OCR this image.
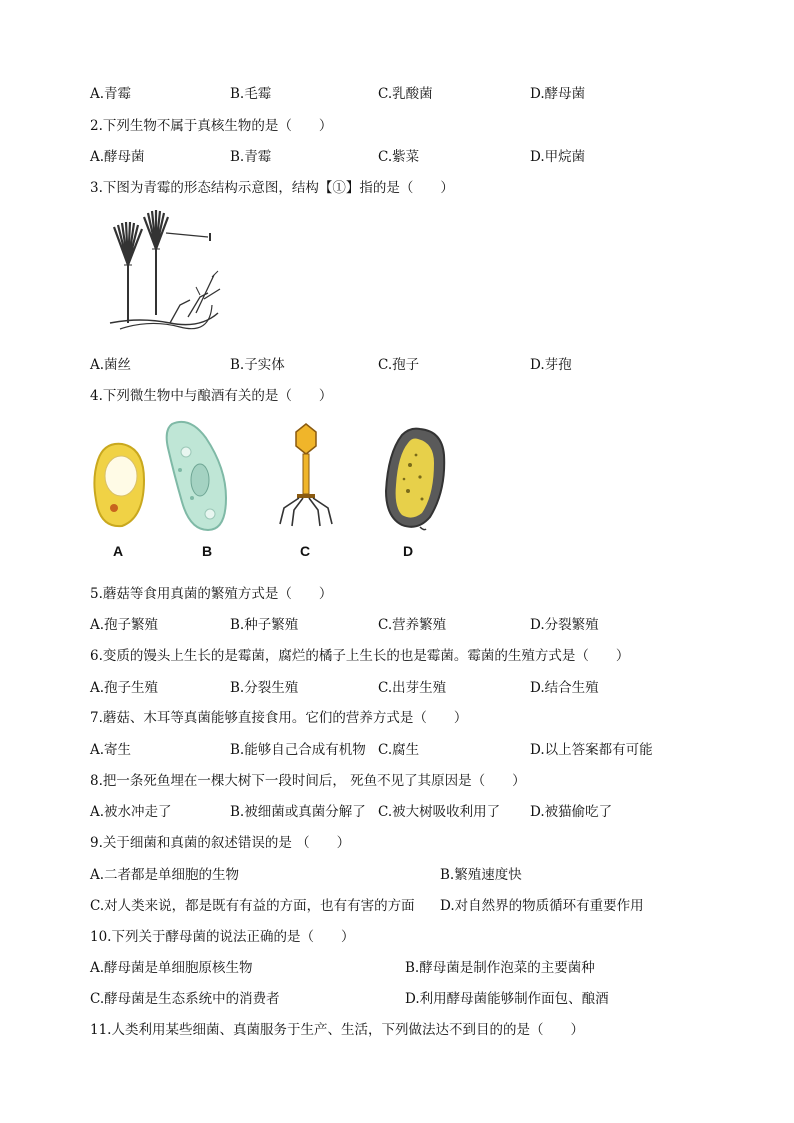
A.青霉	B.毛霉	C.乳酸菌	D.酵母菌
2.下列生物不属于真核生物的是（　　）
A.酵母菌	B.青霉	C.紫菜	D.甲烷菌
3.下图为青霉的形态结构示意图，结构【①】指的是（　　）
A.菌丝	B.子实体	C.孢子	D.芽孢
4.下列微生物中与酿酒有关的是（　　）
A	B	C	D
5.蘑菇等食用真菌的繁殖方式是（　　）
A.孢子繁殖	B.种子繁殖	C.营养繁殖	D.分裂繁殖
6.变质的馒头上生长的是霉菌，腐烂的橘子上生长的也是霉菌。霉菌的生殖方式是（　　）
A.孢子生殖	B.分裂生殖	C.出芽生殖	D.结合生殖
7.蘑菇、木耳等真菌能够直接食用。它们的营养方式是（　　）
A.寄生	B.能够自己合成有机物 C.腐生	D.以上答案都有可能
8.把一条死鱼埋在一棵大树下一段时间后， 死鱼不见了其原因是（　　）
A.被水冲走了	B.被细菌或真菌分解了 C.被大树吸收利用了 D.被猫偷吃了
9.关于细菌和真菌的叙述错误的是 （　　）
A.二者都是单细胞的生物	B.繁殖速度快
C.对人类来说，都是既有有益的方面，也有有害的方面 D.对自然界的物质循环有重要作用
10.下列关于酵母菌的说法正确的是（　　）
A.酵母菌是单细胞原核生物	B.酵母菌是制作泡菜的主要菌种
C.酵母菌是生态系统中的消费者	D.利用酵母菌能够制作面包、酿酒
11.人类利用某些细菌、真菌服务于生产、生活，下列做法达不到目的的是（　　）
